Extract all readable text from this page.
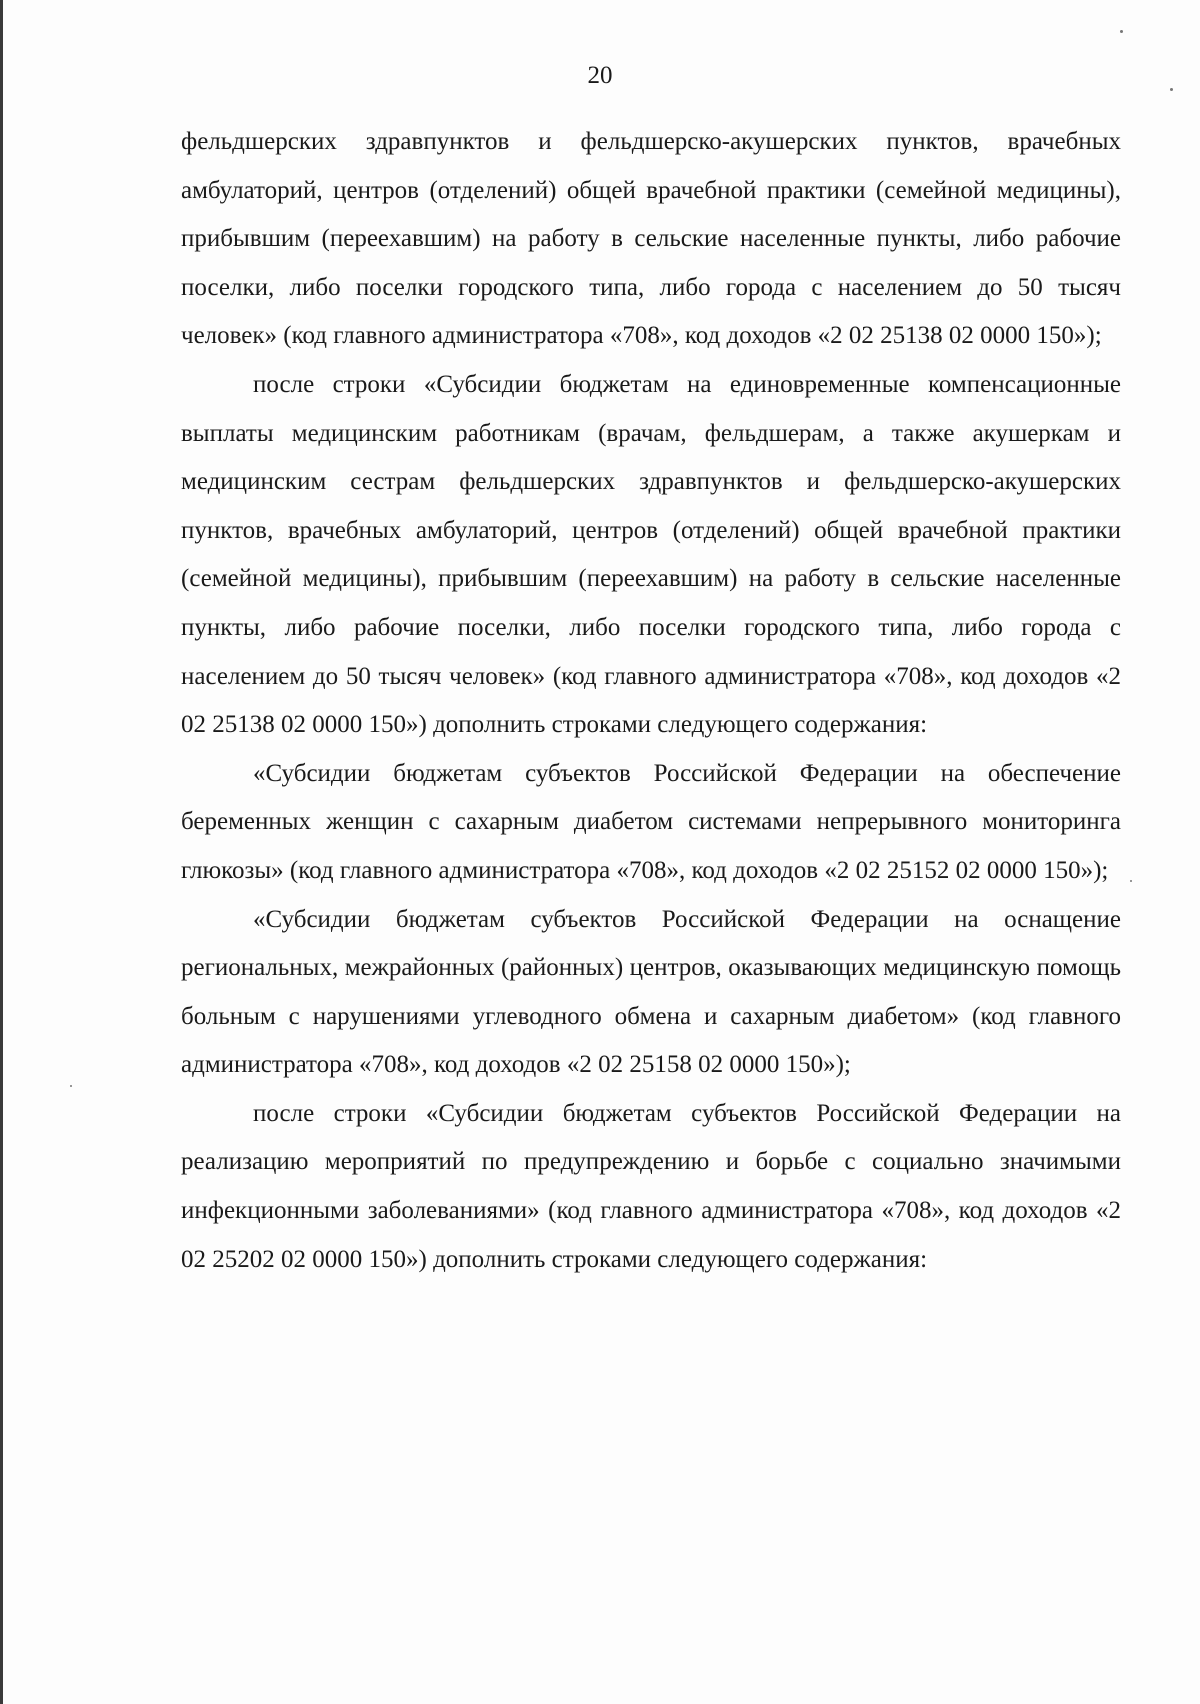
20

фельдшерских здравпунктов и фельдшерско-акушерских пунктов, врачебных амбулаторий, центров (отделений) общей врачебной практики (семейной медицины), прибывшим (переехавшим) на работу в сельские населенные пункты, либо рабочие поселки, либо поселки городского типа, либо города с населением до 50 тысяч человек» (код главного администратора «708», код доходов «2 02 25138 02 0000 150»);

после строки «Субсидии бюджетам на единовременные компенсационные выплаты медицинским работникам (врачам, фельдшерам, а также акушеркам и медицинским сестрам фельдшерских здравпунктов и фельдшерско-акушерских пунктов, врачебных амбулаторий, центров (отделений) общей врачебной практики (семейной медицины), прибывшим (переехавшим) на работу в сельские населенные пункты, либо рабочие поселки, либо поселки городского типа, либо города с населением до 50 тысяч человек» (код главного администратора «708», код доходов «2 02 25138 02 0000 150») дополнить строками следующего содержания:

«Субсидии бюджетам субъектов Российской Федерации на обеспечение беременных женщин с сахарным диабетом системами непрерывного мониторинга глюкозы» (код главного администратора «708», код доходов «2 02 25152 02 0000 150»);

«Субсидии бюджетам субъектов Российской Федерации на оснащение региональных, межрайонных (районных) центров, оказывающих медицинскую помощь больным с нарушениями углеводного обмена и сахарным диабетом» (код главного администратора «708», код доходов «2 02 25158 02 0000 150»);

после строки «Субсидии бюджетам субъектов Российской Федерации на реализацию мероприятий по предупреждению и борьбе с социально значимыми инфекционными заболеваниями» (код главного администратора «708», код доходов «2 02 25202 02 0000 150») дополнить строками следующего содержания:
